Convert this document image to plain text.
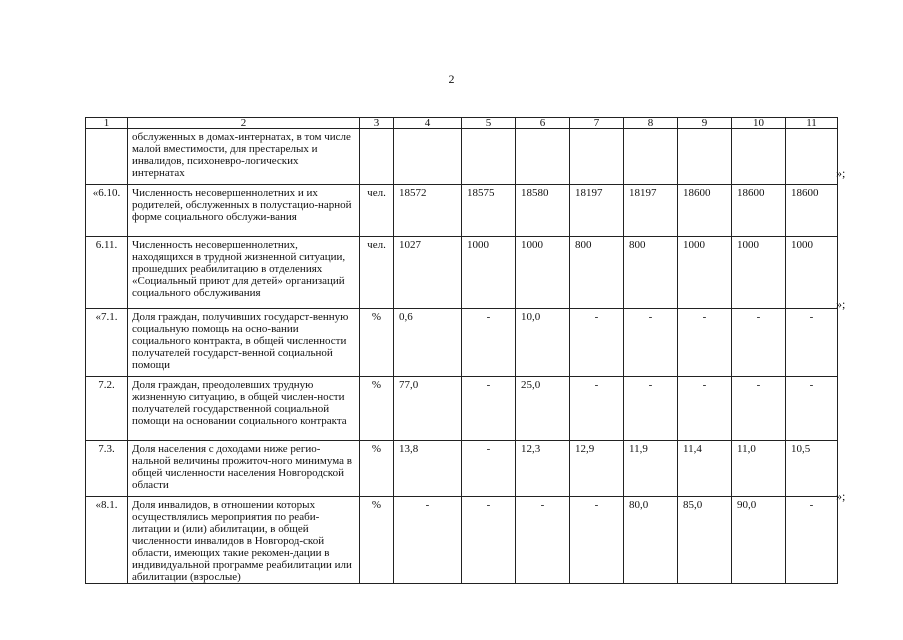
2
1	2	3	4	5	6	7	8	9	10	11
	обслуженных в домах-интернатах, в том числе малой вместимости, для престарелых и инвалидов, психоневро-логических интернатах									
«6.10.	Численность несовершеннолетних и их родителей, обслуженных в полустацио-нарной форме социального обслужи-вания	чел.	18572	18575	18580	18197	18197	18600	18600	18600
6.11.	Численность несовершеннолетних, находящихся в трудной жизненной ситуации, прошедших реабилитацию в отделениях «Социальный приют для детей» организаций социального обслуживания	чел.	1027	1000	1000	800	800	1000	1000	1000
«7.1.	Доля граждан, получивших государст-венную социальную помощь на осно-вании социального контракта, в общей численности получателей государст-венной социальной помощи	%	0,6	-	10,0	-	-	-	-	-
7.2.	Доля граждан, преодолевших трудную жизненную ситуацию, в общей числен-ности получателей государственной социальной помощи на основании социального контракта	%	77,0	-	25,0	-	-	-	-	-
7.3.	Доля населения с доходами ниже регио-нальной величины прожиточ-ного минимума в общей численности населения Новгородской области	%	13,8	-	12,3	12,9	11,9	11,4	11,0	10,5
«8.1.	Доля инвалидов, в отношении которых осуществлялись мероприятия по реаби-литации и (или) абилитации, в общей численности инвалидов в Новгород-ской области, имеющих такие рекомен-дации в индивидуальной программе реабилитации или абилитации (взрослые)	%	-	-	-	-	80,0	85,0	90,0	-
»;
»;
»;
